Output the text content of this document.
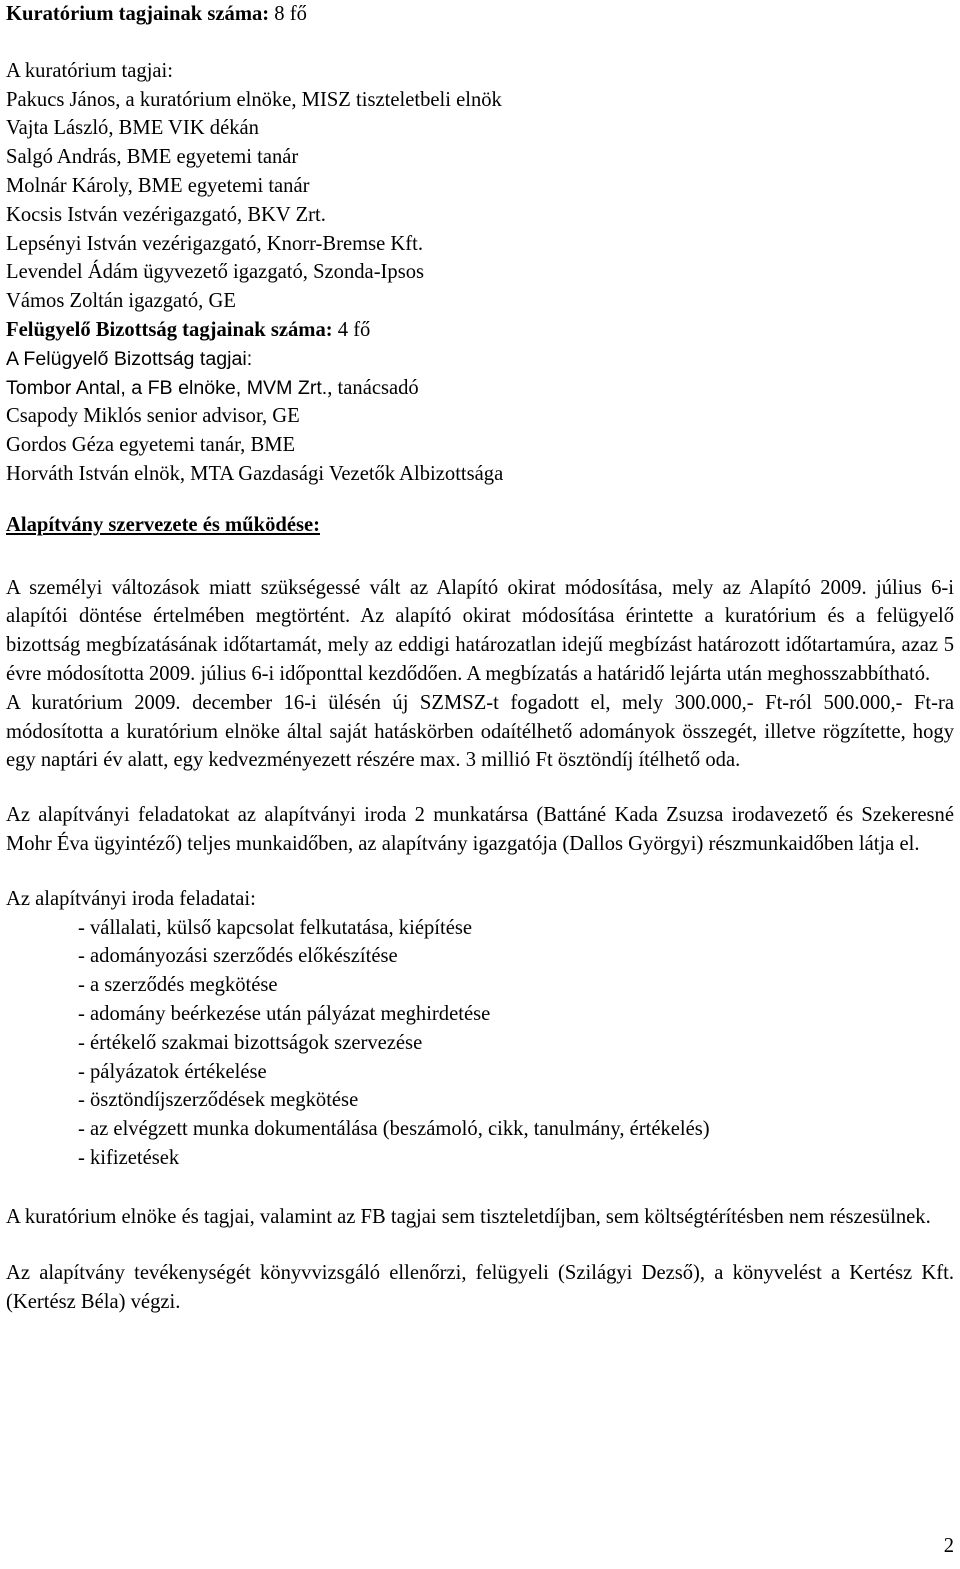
Kuratórium tagjainak száma: 8 fő
A kuratórium tagjai:
Pakucs János, a kuratórium elnöke, MISZ tiszteletbeli elnök
Vajta László, BME VIK dékán
Salgó András, BME egyetemi tanár
Molnár Károly, BME egyetemi tanár
Kocsis István vezérigazgató, BKV Zrt.
Lepsényi István vezérigazgató, Knorr-Bremse Kft.
Levendel Ádám ügyvezető igazgató, Szonda-Ipsos
Vámos Zoltán igazgató, GE
Felügyelő Bizottság tagjainak száma: 4 fő
A Felügyelő Bizottság tagjai:
Tombor Antal, a FB elnöke, MVM Zrt., tanácsadó
Csapody Miklós senior advisor, GE
Gordos Géza egyetemi tanár, BME
Horváth István elnök, MTA Gazdasági Vezetők Albizottsága
Alapítvány szervezete és működése:
A személyi változások miatt szükségessé vált az Alapító okirat módosítása, mely az Alapító 2009. július 6-i alapítói döntése értelmében megtörtént. Az alapító okirat módosítása érintette a kuratórium és a felügyelő bizottság megbízatásának időtartamát, mely az eddigi határozatlan idejű megbízást határozott időtartamúra, azaz 5 évre módosította 2009. július 6-i időponttal kezdődően. A megbízatás a határidő lejárta után meghosszabbítható.
A kuratórium 2009. december 16-i ülésén új SZMSZ-t fogadott el, mely 300.000,- Ft-ról 500.000,- Ft-ra módosította a kuratórium elnöke által saját hatáskörben odaítélhető adományok összegét, illetve rögzítette, hogy egy naptári év alatt, egy kedvezményezett részére max. 3 millió Ft ösztöndíj ítélhető oda.
Az alapítványi feladatokat az alapítványi iroda 2 munkatársa (Battáné Kada Zsuzsa irodavezető és Szekeresné Mohr Éva ügyintéző) teljes munkaidőben, az alapítvány igazgatója (Dallos Györgyi) részmunkaidőben látja el.
Az alapítványi iroda feladatai:
- vállalati, külső kapcsolat felkutatása, kiépítése
- adományozási szerződés előkészítése
- a szerződés megkötése
- adomány beérkezése után pályázat meghirdetése
- értékelő szakmai bizottságok szervezése
- pályázatok értékelése
- ösztöndíjszerződések megkötése
- az elvégzett munka dokumentálása (beszámoló, cikk, tanulmány, értékelés)
- kifizetések
A kuratórium elnöke és tagjai, valamint az FB tagjai sem tiszteletdíjban, sem költségtérítésben nem részesülnek.
Az alapítvány tevékenységét könyvvizsgáló ellenőrzi, felügyeli (Szilágyi Dezső), a könyvelést a Kertész Kft. (Kertész Béla) végzi.
2
